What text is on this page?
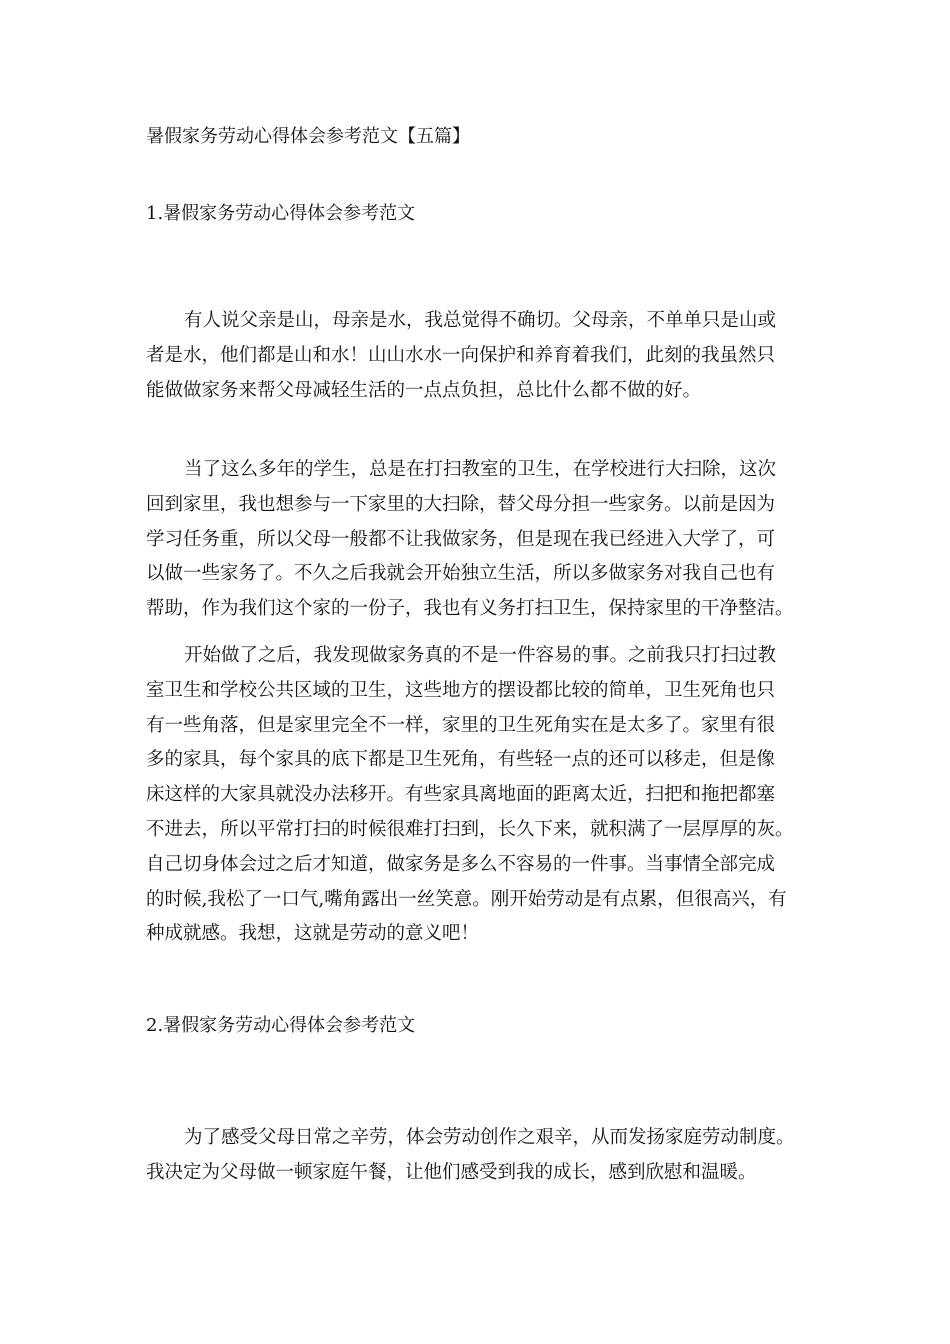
暑假家务劳动心得体会参考范文【五篇】
1.暑假家务劳动心得体会参考范文

有人说父亲是山，母亲是水，我总觉得不确切。父母亲，不单单只是山或
者是水，他们都是山和水！山山水水一向保护和养育着我们，此刻的我虽然只
能做做家务来帮父母减轻生活的一点点负担，总比什么都不做的好。

当了这么多年的学生，总是在打扫教室的卫生，在学校进行大扫除，这次
回到家里，我也想参与一下家里的大扫除，替父母分担一些家务。以前是因为
学习任务重，所以父母一般都不让我做家务，但是现在我已经进入大学了，可
以做一些家务了。不久之后我就会开始独立生活，所以多做家务对我自己也有
帮助，作为我们这个家的一份子，我也有义务打扫卫生，保持家里的干净整洁。

开始做了之后，我发现做家务真的不是一件容易的事。之前我只打扫过教
室卫生和学校公共区域的卫生，这些地方的摆设都比较的简单，卫生死角也只
有一些角落，但是家里完全不一样，家里的卫生死角实在是太多了。家里有很
多的家具，每个家具的底下都是卫生死角，有些轻一点的还可以移走，但是像
床这样的大家具就没办法移开。有些家具离地面的距离太近，扫把和拖把都塞
不进去，所以平常打扫的时候很难打扫到，长久下来，就积满了一层厚厚的灰。
自己切身体会过之后才知道，做家务是多么不容易的一件事。当事情全部完成
的时候,我松了一口气,嘴角露出一丝笑意。刚开始劳动是有点累，但很高兴，有
种成就感。我想，这就是劳动的意义吧！

2.暑假家务劳动心得体会参考范文

为了感受父母日常之辛劳，体会劳动创作之艰辛，从而发扬家庭劳动制度。
我决定为父母做一顿家庭午餐，让他们感受到我的成长，感到欣慰和温暖。
